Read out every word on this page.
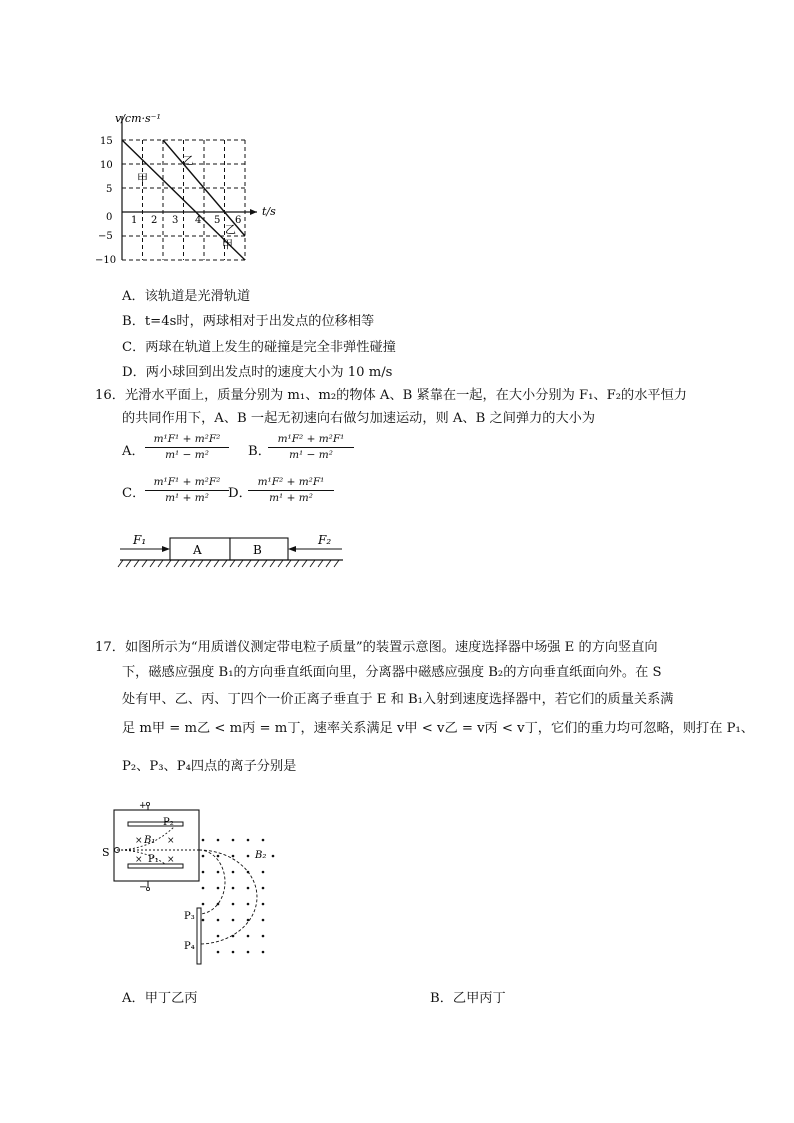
v/cm·s⁻¹
t/s
15
10
5
0
−5
−10
1 2 3 4 5 6
乙
甲
乙
甲
A．该轨道是光滑轨道
B．t=4s时，两球相对于出发点的位移相等
C．两球在轨道上发生的碰撞是完全非弹性碰撞
D．两小球回到出发点时的速度大小为 10 m/s
16．光滑水平面上，质量分别为 m₁、m₂的物体 A、B 紧靠在一起，在大小分别为 F₁、F₂的水平恒力
的共同作用下，A、B 一起无初速向右做匀加速运动，则 A、B 之间弹力的大小为
A． $\frac{\text{m¹F¹ + m²F²}}{\text{m¹ − m²}}$ B．
$\frac{\text{m¹F² + m²F¹}}{\text{m¹ − m²}}$
C． $\frac{\text{m¹F¹ + m²F²}}{\text{m¹ + m²}}$ D．
$\frac{\text{m¹F² + m²F¹}}{\text{m¹ + m²}}$
A	B
F₁	F₂
17．如图所示为“用质谱仪测定带电粒子质量”的装置示意图。速度选择器中场强 E 的方向竖直向
下，磁感应强度 B₁的方向垂直纸面向里，分离器中磁感应强度 B₂的方向垂直纸面向外。在 S
处有甲、乙、丙、丁四个一价正离子垂直于 E 和 B₁入射到速度选择器中，若它们的质量关系满
足 m甲 = m乙 < m丙 = m丁，速率关系满足 v甲 < v乙 = v丙 < v丁，它们的重力均可忽略，则打在 P₁、
P₂、P₃、P₄四点的离子分别是
+
−
×	×
×	×
B₁
P₂
P₁
S	B₂
P₃
P₄
A．甲丁乙丙	B．乙甲丙丁
